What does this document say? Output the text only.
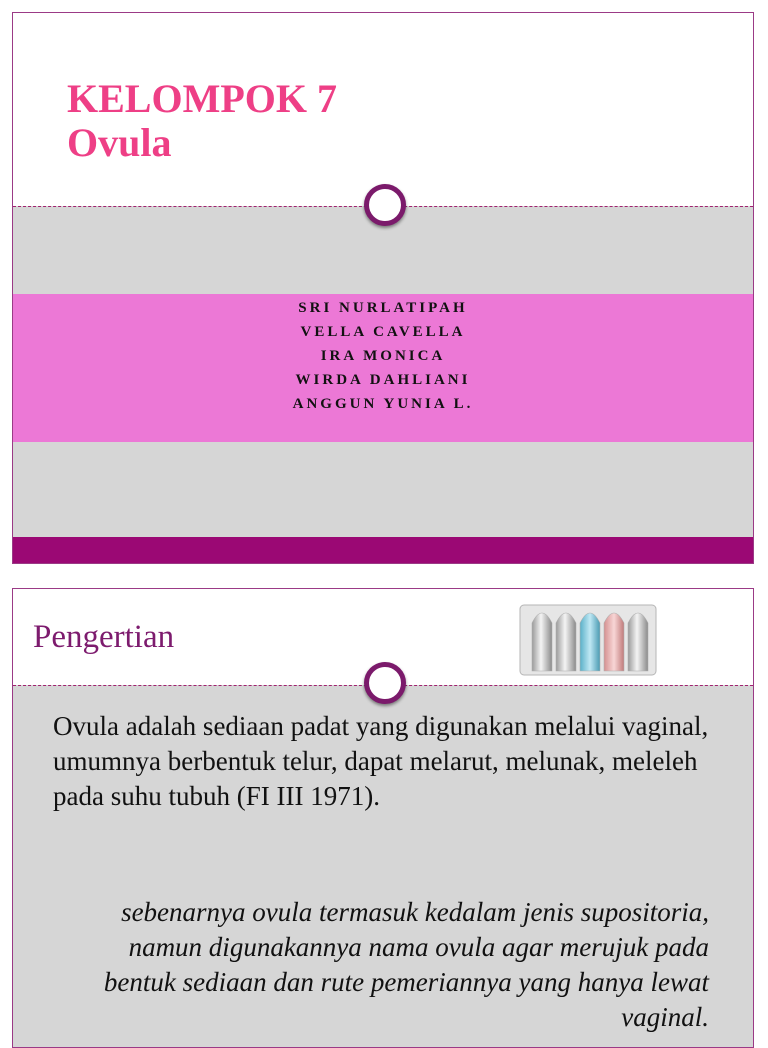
KELOMPOK 7
Ovula
SRI NURLATIPAH
VELLA CAVELLA
IRA MONICA
WIRDA DAHLIANI
ANGGUN YUNIA L.
Pengertian

Ovula adalah sediaan padat yang digunakan melalui vaginal, umumnya berbentuk telur, dapat melarut, melunak, meleleh pada suhu tubuh (FI III 1971).

sebenarnya ovula termasuk kedalam jenis supositoria, namun digunakannya nama ovula agar merujuk pada bentuk sediaan dan rute pemeriannya yang hanya lewat vaginal.
